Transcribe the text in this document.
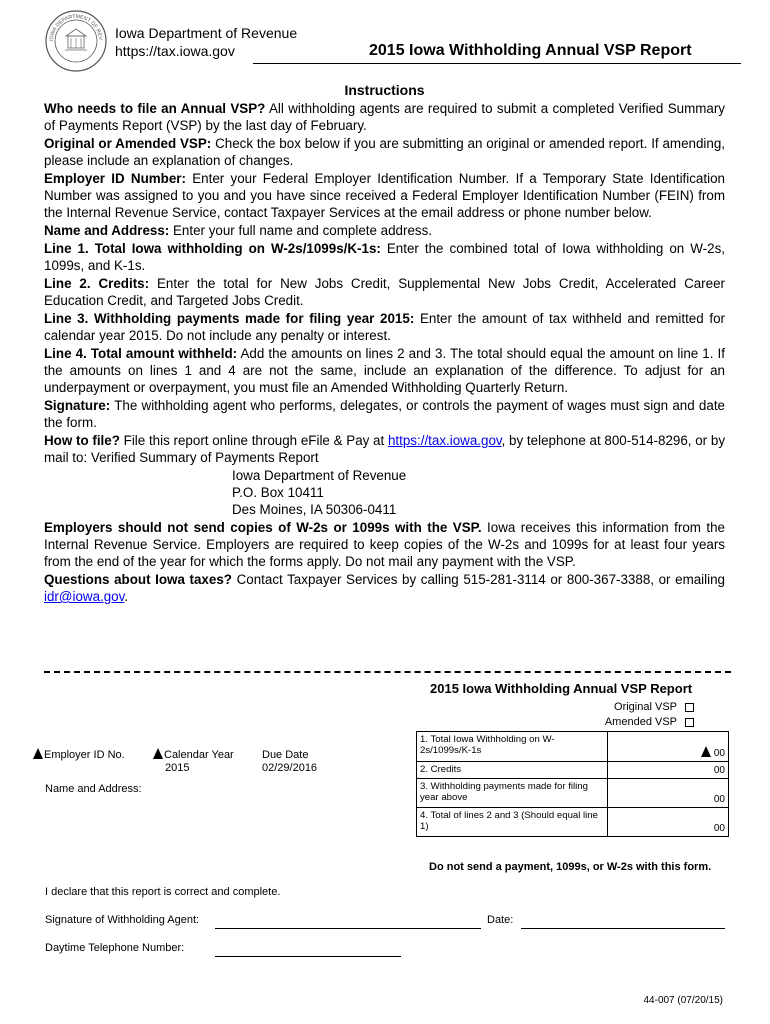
IOWA DEPARTMENT OF REV Iowa Department of Revenue
https://tax.iowa.gov	2015 Iowa Withholding Annual VSP Report
Instructions

Who needs to file an Annual VSP? All withholding agents are required to submit a completed Verified Summary of Payments Report (VSP) by the last day of February.

Original or Amended VSP: Check the box below if you are submitting an original or amended report. If amending, please include an explanation of changes.

Employer ID Number: Enter your Federal Employer Identification Number. If a Temporary State Identification Number was assigned to you and you have since received a Federal Employer Identification Number (FEIN) from the Internal Revenue Service, contact Taxpayer Services at the email address or phone number below.

Name and Address: Enter your full name and complete address.

Line 1. Total Iowa withholding on W-2s/1099s/K-1s: Enter the combined total of Iowa withholding on W-2s, 1099s, and K-1s.

Line 2. Credits: Enter the total for New Jobs Credit, Supplemental New Jobs Credit, Accelerated Career Education Credit, and Targeted Jobs Credit.

Line 3. Withholding payments made for filing year 2015: Enter the amount of tax withheld and remitted for calendar year 2015. Do not include any penalty or interest.

Line 4. Total amount withheld: Add the amounts on lines 2 and 3. The total should equal the amount on line 1. If the amounts on lines 1 and 4 are not the same, include an explanation of the difference. To adjust for an underpayment or overpayment, you must file an Amended Withholding Quarterly Return.

Signature: The withholding agent who performs, delegates, or controls the payment of wages must sign and date the form.

How to file? File this report online through eFile & Pay at https://tax.iowa.gov, by telephone at 800-514-8296, or by mail to: Verified Summary of Payments Report

Iowa Department of Revenue
P.O. Box 10411
Des Moines, IA 50306-0411

Employers should not send copies of W-2s or 1099s with the VSP. Iowa receives this information from the Internal Revenue Service. Employers are required to keep copies of the W-2s and 1099s for at least four years from the end of the year for which the forms apply. Do not mail any payment with the VSP.

Questions about Iowa taxes? Contact Taxpayer Services by calling 515-281-3114 or 800-367-3388, or emailing idr@iowa.gov.

2015 Iowa Withholding Annual VSP Report
Original VSP
Amended VSP
Employer ID No.	Calendar Year
2015
Due Date
02/29/2016
Name and Address:
1. Total Iowa Withholding on W-2s/1099s/K-1s	00
2. Credits	00
3. Withholding payments made for filing year above	00
4. Total of lines 2 and 3 (Should equal line 1)	00
Do not send a payment, 1099s, or W-2s with this form.
I declare that this report is correct and complete.
Signature of Withholding Agent:	Date:
Daytime Telephone Number:
44-007 (07/20/15)
